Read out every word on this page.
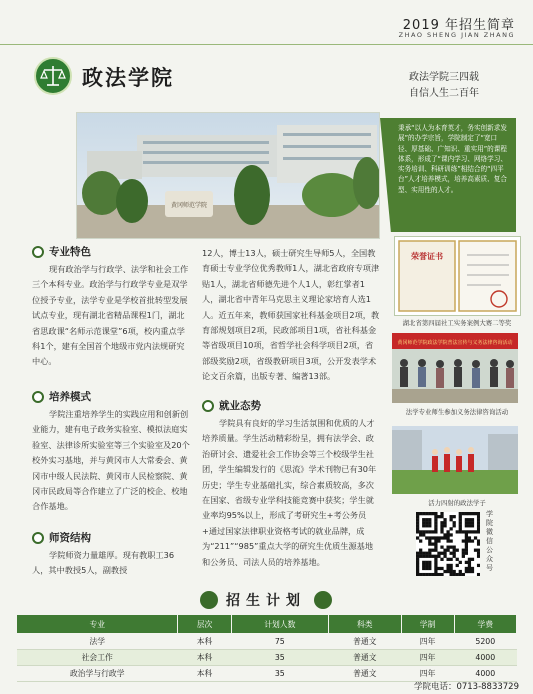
2019 年招生简章
ZHAO SHENG JIAN ZHANG
政法学院	政法学院三四载
自信人生二百年
黄冈师范学院
秉承“以人为本育英才，务实创新求发展”的办学宗旨，学院制定了“宽口径、厚基础、广知识、重实用”的课程体系，形成了“课内学习、网络学习、实务培训、科研训练”相结合的“四平台”人才培养模式，培养高素质、复合型、实用性的人才。
专业特色
现有政治学与行政学、法学和社会工作三个本科专业。政治学与行政学专业是双学位授予专业，法学专业是学校首批转型发展试点专业，现有湖北省精品课程1门，湖北省思政课“名师示范课堂”6项，校内重点学科1个，建有全国首个地级市党内法规研究中心。
培养模式
学院注重培养学生的实践应用和创新创业能力，建有电子政务实验室、模拟法庭实验室、法律诊所实验室等三个实验室及20个校外实习基地，并与黄冈市人大常委会、黄冈市中级人民法院、黄冈市人民检察院、黄冈市民政局等合作建立了广泛的校企、校地合作基地。
师资结构
学院师资力量雄厚。现有教职工36人，其中教授5人，副教授
12人，博士13人，硕士研究生导师5人，全国教育硕士专业学位优秀教师1人，湖北省政府专项津贴1人，湖北省师德先进个人1人，彰红掌者1人，湖北省中青年马克思主义理论家培育人选1人。近五年来，教师获国家社科基金项目2项，教育部规划项目2项，民政部项目1项，省社科基金等省级项目10项，省哲学社会科学项目2项，省部级奖励2项，省级教研项目3项，公开发表学术论文百余篇，出版专著、编著13部。
就业态势
学院具有良好的学习生活氛围和优质的人才培养质量。学生活动精彩纷呈，拥有法学会、政治研讨会、遗爱社会工作协会等三个校级学生社团，学生编辑发行的《思流》学术刊物已有30年历史；学生专业基础扎实，综合素质较高，多次在国家、省级专业学科技能竞赛中获奖；学生就业率均95%以上，形成了考研究生+考公务员+通过国家法律职业资格考试的就业品牌，成为“211”“985”重点大学的研究生优质生源基地和公务员、司法人员的培养基地。
荣誉证书
湖北省第四届社工实务案例大赛二等奖
黄冈师范学院政法学院普法宣传与义务法律咨询活动
法学专业师生参加义务法律咨询活动
活力四射的政法学子
学院微信公众号
招生计划
专业	层次	计划人数	科类	学制	学费
法学	本科	75	普通文	四年	5200
社会工作	本科	35	普通文	四年	4000
政治学与行政学	本科	35	普通文	四年	4000
学院电话：0713-8833729
